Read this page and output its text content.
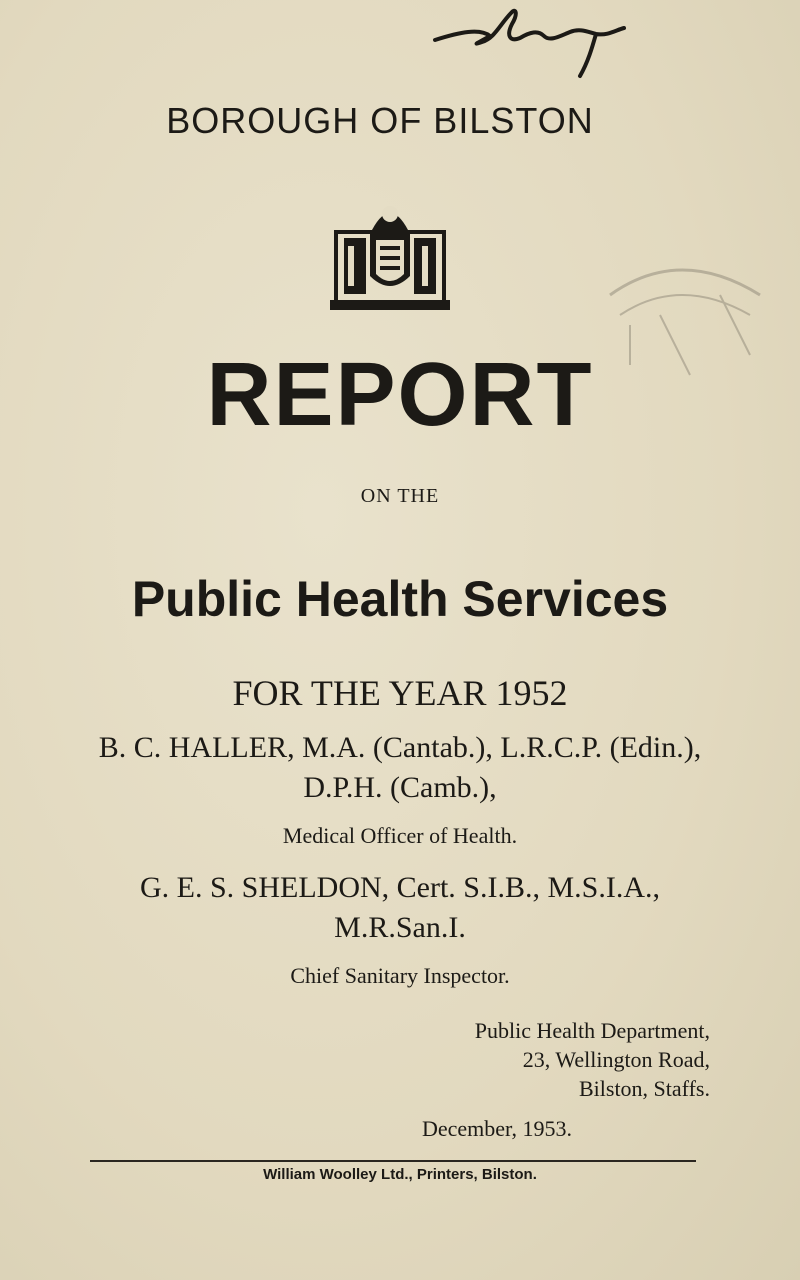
BOROUGH OF BILSTON
REPORT
ON THE
Public Health Services
FOR THE YEAR 1952
B. C. HALLER, M.A. (Cantab.), L.R.C.P. (Edin.),
D.P.H. (Camb.),
Medical Officer of Health.
G. E. S. SHELDON, Cert. S.I.B., M.S.I.A.,
M.R.San.I.
Chief Sanitary Inspector.
Public Health Department,
23, Wellington Road,
Bilston, Staffs.
December, 1953.
William Woolley Ltd., Printers, Bilston.
